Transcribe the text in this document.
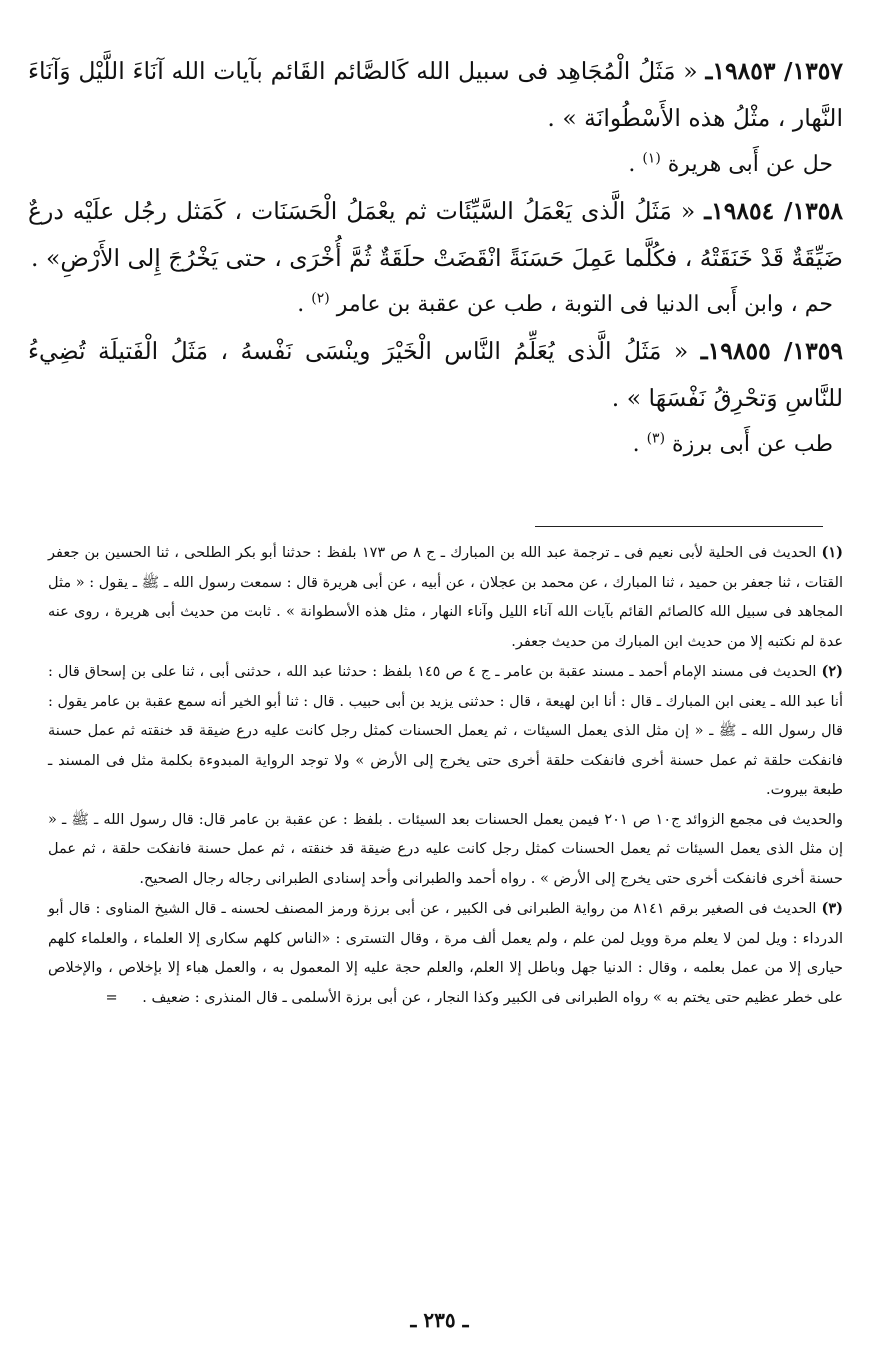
١٣٥٧/ ١٩٨٥٣ـ « مَثَلُ الْمُجَاهِد فى سبيل الله كَالصَّائم القَائم بآيات الله آنَاءَ اللَّيْل وَآنَاءَ النَّهار ، مثْلُ هذه الأَسْطُوانَة » .

حل عن أَبى هريرة $^{(١)}$ .

١٣٥٨/ ١٩٨٥٤ـ « مَثَلُ الَّذى يَعْمَلُ السَّيِّئَات ثم يعْمَلُ الْحَسَنَات ، كَمَثل رجُل علَيْه درعٌ ضَيِّقَةٌ قَدْ خَنَقَتْهُ ، فكُلَّما عَمِلَ حَسَنَةً انْقَضَتْ حلَقَةٌ ثُمَّ أُخْرَى ، حتى يَخْرُجَ إِلى الأَرْضِ» .

حم ، وابن أَبى الدنيا فى التوبة ، طب عن عقبة بن عامر $^{(٢)}$ .

١٣٥٩/ ١٩٨٥٥ـ « مَثَلُ الَّذى يُعَلِّمُ النَّاس الْخَيْرَ وينْسَى نَفْسهُ ، مَثَلُ الْفَتيلَة تُضِيءُ للنَّاسِ وَتحْرِقُ نَفْسَهَا » .

طب عن أَبى برزة $^{(٣)}$ .

(١) الحديث فى الحلية لأبى نعيم فى ـ ترجمة عبد الله بن المبارك ـ ج ٨ ص ١٧٣ بلفظ : حدثنا أبو بكر الطلحى ، ثنا الحسين بن جعفر القتات ، ثنا جعفر بن حميد ، ثنا المبارك ، عن محمد بن عجلان ، عن أبيه ، عن أبى هريرة قال : سمعت رسول الله ـ ﷺ ـ يقول : « مثل المجاهد فى سبيل الله كالصائم القائم بآيات الله آناء الليل وآناء النهار ، مثل هذه الأسطوانة » . ثابت من حديث أبى هريرة ، روى عنه عدة لم نكتبه إلا من حديث ابن المبارك من حديث جعفر.

(٢) الحديث فى مسند الإمام أحمد ـ مسند عقبة بن عامر ـ ج ٤ ص ١٤٥ بلفظ : حدثنا عبد الله ، حدثنى أبى ، ثنا على بن إسحاق قال : أنا عبد الله ـ يعنى ابن المبارك ـ قال : أنا ابن لهيعة ، قال : حدثنى يزيد بن أبى حبيب . قال : ثنا أبو الخير أنه سمع عقبة بن عامر يقول : قال رسول الله ـ ﷺ ـ « إن مثل الذى يعمل السيئات ، ثم يعمل الحسنات كمثل رجل كانت عليه درع ضيقة قد خنقته ثم عمل حسنة فانفكت حلقة ثم عمل حسنة أخرى فانفكت حلقة أخرى حتى يخرج إلى الأرض » ولا توجد الرواية المبدوءة بكلمة مثل فى المسند ـ طبعة بيروت.

والحديث فى مجمع الزوائد ج١٠ ص ٢٠١ فيمن يعمل الحسنات بعد السيئات . بلفظ : عن عقبة بن عامر قال: قال رسول الله ـ ﷺ ـ « إن مثل الذى يعمل السيئات ثم يعمل الحسنات كمثل رجل كانت عليه درع ضيقة قد خنقته ، ثم عمل حسنة فانفكت حلقة ، ثم عمل حسنة أخرى فانفكت أخرى حتى يخرج إلى الأرض » . رواه أحمد والطبرانى وأحد إسنادى الطبرانى رجاله رجال الصحيح.

(٣) الحديث فى الصغير برقم ٨١٤١ من رواية الطبرانى فى الكبير ، عن أبى برزة ورمز المصنف لحسنه ـ قال الشيخ المناوى : قال أبو الدرداء : ويل لمن لا يعلم مرة وويل لمن علم ، ولم يعمل ألف مرة ، وقال التسترى : «الناس كلهم سكارى إلا العلماء ، والعلماء كلهم حيارى إلا من عمل بعلمه ، وقال : الدنيا جهل وباطل إلا العلم، والعلم حجة عليه إلا المعمول به ، والعمل هباء إلا بإخلاص ، والإخلاص على خطر عظيم حتى يختم به » رواه الطبرانى فى الكبير وكذا النجار ، عن أبى برزة الأسلمى ـ قال المنذرى : ضعيف . =

ـ ٢٣٥ ـ
